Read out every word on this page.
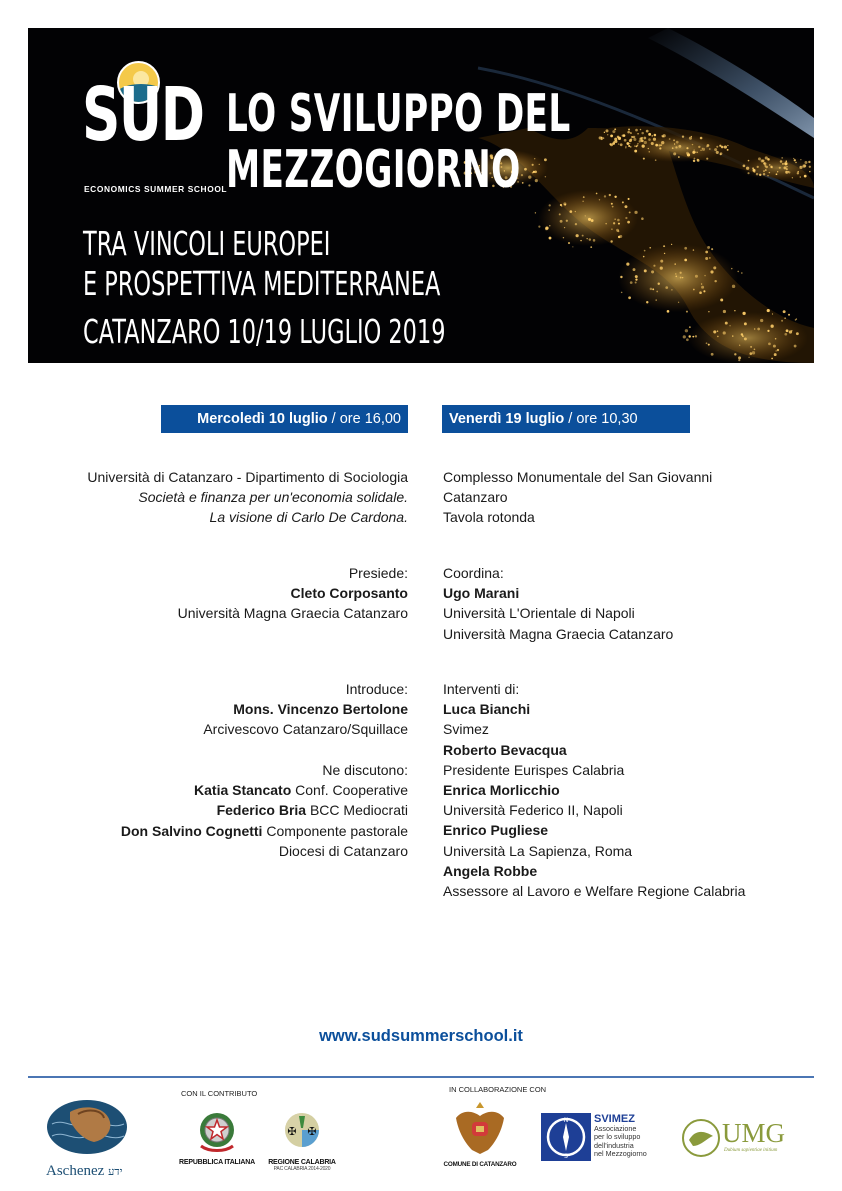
SUD
ECONOMICS SUMMER SCHOOL
LO SVILUPPO DEL
MEZZOGIORNO
TRA VINCOLI EUROPEI
E PROSPETTIVA MEDITERRANEA
CATANZARO 10/19 LUGLIO 2019
Mercoledì 10 luglio / ore 16,00	Venerdì 19 luglio / ore 10,30
Università di Catanzaro - Dipartimento di Sociologia
Società e finanza per un'economia solidale.
La visione di Carlo De Cardona.
Presiede:
Cleto Corposanto
Università Magna Graecia Catanzaro
Introduce:
Mons. Vincenzo Bertolone
Arcivescovo Catanzaro/Squillace
Ne discutono:
Katia Stancato Conf. Cooperative
Federico Bria BCC Mediocrati
Don Salvino Cognetti Componente pastorale
Diocesi di Catanzaro
Complesso Monumentale del San Giovanni
Catanzaro
Tavola rotonda
Coordina:
Ugo Marani
Università L'Orientale di Napoli
Università Magna Graecia Catanzaro
Interventi di:
Luca Bianchi
Svimez
Roberto Bevacqua
Presidente Eurispes Calabria
Enrica Morlicchio
Università Federico II, Napoli
Enrico Pugliese
Università La Sapienza, Roma
Angela Robbe
Assessore al Lavoro e Welfare Regione Calabria
www.sudsummerschool.it
CON IL CONTRIBUTO	IN COLLABORAZIONE CON
Aschenez ידע
REPUBBLICA ITALIANA
✠ ✠
REGIONE CALABRIA
PAC CALABRIA 2014-2020
COMUNE DI CATANZARO
N
S
SVIMEZ
Associazione
per lo sviluppo
dell'industria
nel Mezzogiorno
UMG
Dubium sapientiae initium
